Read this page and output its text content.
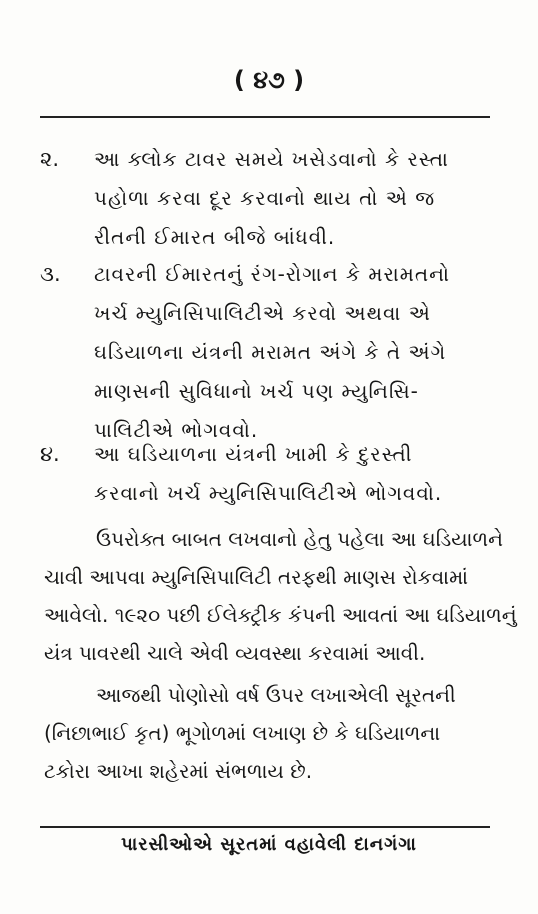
( ૪૭ )
૨. આ ક્લોક ટાવર સમયે ખસેડવાનો કે રસ્તા
પહોળા કરવા દૂર કરવાનો થાય તો એ જ
રીતની ઈમારત બીજે બાંધવી.
૩. ટાવરની ઈમારતનું રંગ-રોગાન કે મરામતનો
ખર્ચ મ્યુનિસિપાલિટીએ કરવો અથવા એ
ઘડિયાળના યંત્રની મરામત અંગે કે તે અંગે
માણસની સુવિધાનો ખર્ચ પણ મ્યુનિસિ-
પાલિટીએ ભોગવવો.
૪. આ ઘડિયાળના યંત્રની ખામી કે દુરસ્તી
કરવાનો ખર્ચ મ્યુનિસિપાલિટીએ ભોગવવો.
ઉપરોક્ત બાબત લખવાનો હેતુ પહેલા આ ઘડિયાળને
ચાવી આપવા મ્યુનિસિપાલિટી તરફથી માણસ રોકવામાં
આવેલો. ૧૯૨૦ પછી ઈલેક્ટ્રીક કંપની આવતાં આ ઘડિયાળનું
યંત્ર પાવરથી ચાલે એવી વ્યવસ્થા કરવામાં આવી.
આજથી પોણોસો વર્ષ ઉપર લખાએલી સૂરતની
(નિછાભાઈ કૃત) ભૂગોળમાં લખાણ છે કે ઘડિયાળના
ટકોરા આખા શહેરમાં સંભળાય છે.
પારસીઓએ સૂરતમાં વહાવેલી દાનગંગા
